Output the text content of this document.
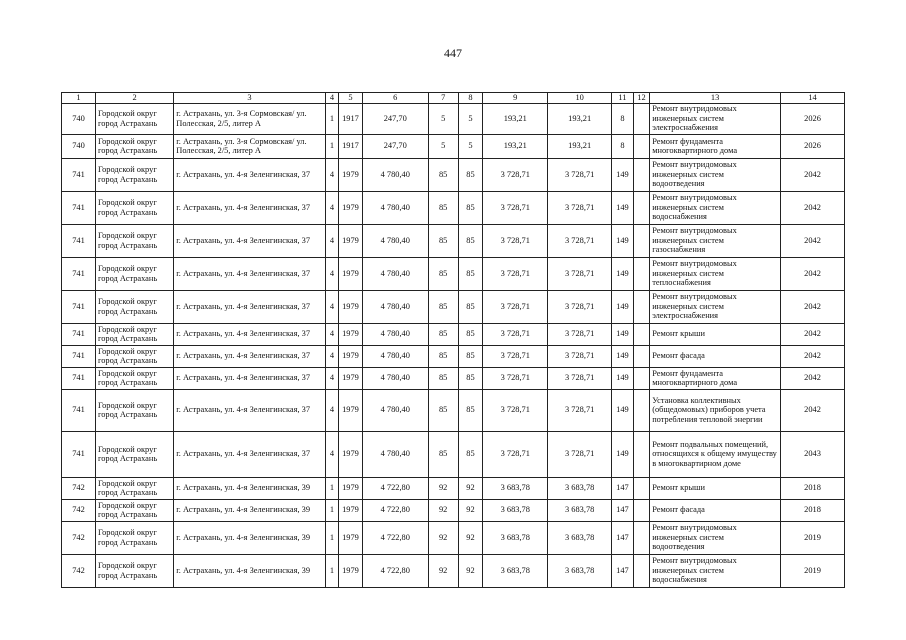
447
1	2	3	4	5	6	7	8	9	10	11	12	13	14
740	Городской округ город Астрахань	г. Астрахань, ул. 3-я Сормовская/ ул. Полесская, 2/5, литер А	1	1917	247,70	5	5	193,21	193,21	8		Ремонт внутридомовых инженерных систем электроснабжения	2026
740	Городской округ город Астрахань	г. Астрахань, ул. 3-я Сормовская/ ул. Полесская, 2/5, литер А	1	1917	247,70	5	5	193,21	193,21	8		Ремонт фундамента многоквартирного дома	2026
741	Городской округ город Астрахань	г. Астрахань, ул. 4-я Зеленгинская, 37	4	1979	4 780,40	85	85	3 728,71	3 728,71	149		Ремонт внутридомовых инженерных систем водоотведения	2042
741	Городской округ город Астрахань	г. Астрахань, ул. 4-я Зеленгинская, 37	4	1979	4 780,40	85	85	3 728,71	3 728,71	149		Ремонт внутридомовых инженерных систем водоснабжения	2042
741	Городской округ город Астрахань	г. Астрахань, ул. 4-я Зеленгинская, 37	4	1979	4 780,40	85	85	3 728,71	3 728,71	149		Ремонт внутридомовых инженерных систем газоснабжения	2042
741	Городской округ город Астрахань	г. Астрахань, ул. 4-я Зеленгинская, 37	4	1979	4 780,40	85	85	3 728,71	3 728,71	149		Ремонт внутридомовых инженерных систем теплоснабжения	2042
741	Городской округ город Астрахань	г. Астрахань, ул. 4-я Зеленгинская, 37	4	1979	4 780,40	85	85	3 728,71	3 728,71	149		Ремонт внутридомовых инженерных систем электроснабжения	2042
741	Городской округ город Астрахань	г. Астрахань, ул. 4-я Зеленгинская, 37	4	1979	4 780,40	85	85	3 728,71	3 728,71	149		Ремонт крыши	2042
741	Городской округ город Астрахань	г. Астрахань, ул. 4-я Зеленгинская, 37	4	1979	4 780,40	85	85	3 728,71	3 728,71	149		Ремонт фасада	2042
741	Городской округ город Астрахань	г. Астрахань, ул. 4-я Зеленгинская, 37	4	1979	4 780,40	85	85	3 728,71	3 728,71	149		Ремонт фундамента многоквартирного дома	2042
741	Городской округ город Астрахань	г. Астрахань, ул. 4-я Зеленгинская, 37	4	1979	4 780,40	85	85	3 728,71	3 728,71	149		Установка коллективных (общедомовых) приборов учета потребления тепловой энергии	2042
741	Городской округ город Астрахань	г. Астрахань, ул. 4-я Зеленгинская, 37	4	1979	4 780,40	85	85	3 728,71	3 728,71	149		Ремонт подвальных помещений, относящихся к общему имуществу в многоквартирном доме	2043
742	Городской округ город Астрахань	г. Астрахань, ул. 4-я Зеленгинская, 39	1	1979	4 722,80	92	92	3 683,78	3 683,78	147		Ремонт крыши	2018
742	Городской округ город Астрахань	г. Астрахань, ул. 4-я Зеленгинская, 39	1	1979	4 722,80	92	92	3 683,78	3 683,78	147		Ремонт фасада	2018
742	Городской округ город Астрахань	г. Астрахань, ул. 4-я Зеленгинская, 39	1	1979	4 722,80	92	92	3 683,78	3 683,78	147		Ремонт внутридомовых инженерных систем водоотведения	2019
742	Городской округ город Астрахань	г. Астрахань, ул. 4-я Зеленгинская, 39	1	1979	4 722,80	92	92	3 683,78	3 683,78	147		Ремонт внутридомовых инженерных систем водоснабжения	2019
